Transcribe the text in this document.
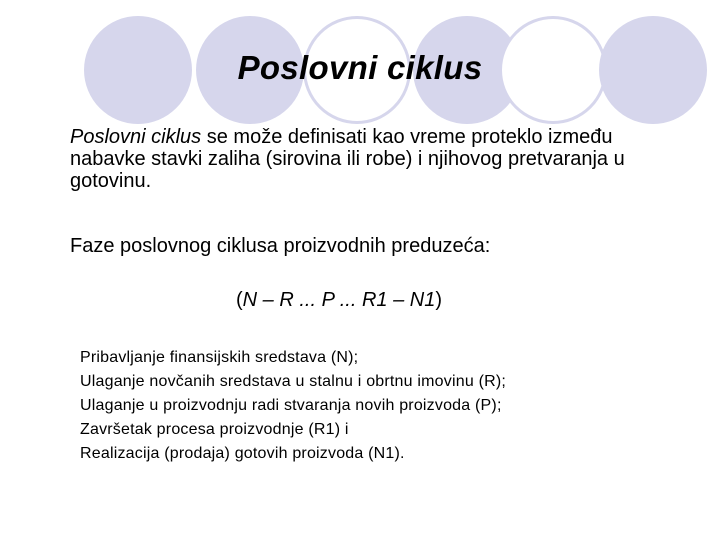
Poslovni ciklus

Poslovni ciklus se može definisati kao vreme proteklo između nabavke stavki zaliha (sirovina ili robe) i njihovog pretvaranja u gotovinu.

Faze poslovnog ciklusa proizvodnih preduzeća:
(N – R ... P ... R1 – N1)
Pribavljanje finansijskih sredstava (N);
Ulaganje novčanih sredstava u stalnu i obrtnu imovinu (R);
Ulaganje u proizvodnju radi stvaranja novih proizvoda (P);
Završetak procesa proizvodnje (R1) i
Realizacija (prodaja) gotovih proizvoda (N1).
